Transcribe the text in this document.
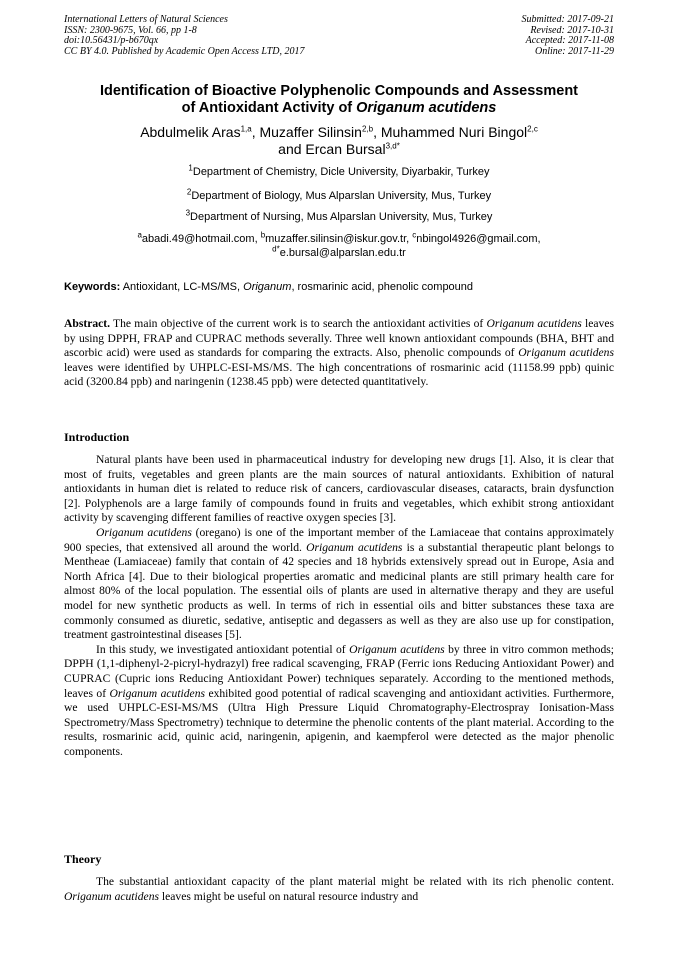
International Letters of Natural Sciences
ISSN: 2300-9675, Vol. 66, pp 1-8
doi:10.56431/p-b670qx
CC BY 4.0. Published by Academic Open Access LTD, 2017
Submitted: 2017-09-21
Revised: 2017-10-31
Accepted: 2017-11-08
Online: 2017-11-29
Identification of Bioactive Polyphenolic Compounds and Assessment
of Antioxidant Activity of Origanum acutidens
Abdulmelik Aras$^{1,a}$, Muzaffer Silinsin$^{2,b}$, Muhammed Nuri Bingol$^{2,c}$
and Ercan Bursal$^{3,d*}$
$^1$Department of Chemistry, Dicle University, Diyarbakir, Turkey
$^2$Department of Biology, Mus Alparslan University, Mus, Turkey
$^3$Department of Nursing, Mus Alparslan University, Mus, Turkey
$^a$abadi.49@hotmail.com, $^b$muzaffer.silinsin@iskur.gov.tr, $^c$nbingol4926@gmail.com,
$^{d*}$e.bursal@alparslan.edu.tr
Keywords: Antioxidant, LC-MS/MS, Origanum, rosmarinic acid, phenolic compound

Abstract. The main objective of the current work is to search the antioxidant activities of Origanum acutidens leaves by using DPPH, FRAP and CUPRAC methods severally. Three well known antioxidant compounds (BHA, BHT and ascorbic acid) were used as standards for comparing the extracts. Also, phenolic compounds of Origanum acutidens leaves were identified by UHPLC-ESI-MS/MS. The high concentrations of rosmarinic acid (11158.99 ppb) quinic acid (3200.84 ppb) and naringenin (1238.45 ppb) were detected quantitatively.

Introduction

Natural plants have been used in pharmaceutical industry for developing new drugs [1]. Also, it is clear that most of fruits, vegetables and green plants are the main sources of natural antioxidants. Exhibition of natural antioxidants in human diet is related to reduce risk of cancers, cardiovascular diseases, cataracts, brain dysfunction [2]. Polyphenols are a large family of compounds found in fruits and vegetables, which exhibit strong antioxidant activity by scavenging different families of reactive oxygen species [3].

Origanum acutidens (oregano) is one of the important member of the Lamiaceae that contains approximately 900 species, that extensived all around the world. Origanum acutidens is a substantial therapeutic plant belongs to Mentheae (Lamiaceae) family that contain of 42 species and 18 hybrids extensively spread out in Europe, Asia and North Africa [4]. Due to their biological properties aromatic and medicinal plants are still primary health care for almost 80% of the local population. The essential oils of plants are used in alternative therapy and they are useful model for new synthetic products as well. In terms of rich in essential oils and bitter substances these taxa are commonly consumed as diuretic, sedative, antiseptic and degassers as well as they are also use up for constipation, treatment gastrointestinal diseases [5].

In this study, we investigated antioxidant potential of Origanum acutidens by three in vitro common methods; DPPH (1,1-diphenyl-2-picryl-hydrazyl) free radical scavenging, FRAP (Ferric ions Reducing Antioxidant Power) and CUPRAC (Cupric ions Reducing Antioxidant Power) techniques separately. According to the mentioned methods, leaves of Origanum acutidens exhibited good potential of radical scavenging and antioxidant activities. Furthermore, we used UHPLC-ESI-MS/MS (Ultra High Pressure Liquid Chromatography-Electrospray Ionisation-Mass Spectrometry/Mass Spectrometry) technique to determine the phenolic contents of the plant material. According to the results, rosmarinic acid, quinic acid, naringenin, apigenin, and kaempferol were detected as the major phenolic components.

Theory

The substantial antioxidant capacity of the plant material might be related with its rich phenolic content. Origanum acutidens leaves might be useful on natural resource industry and
